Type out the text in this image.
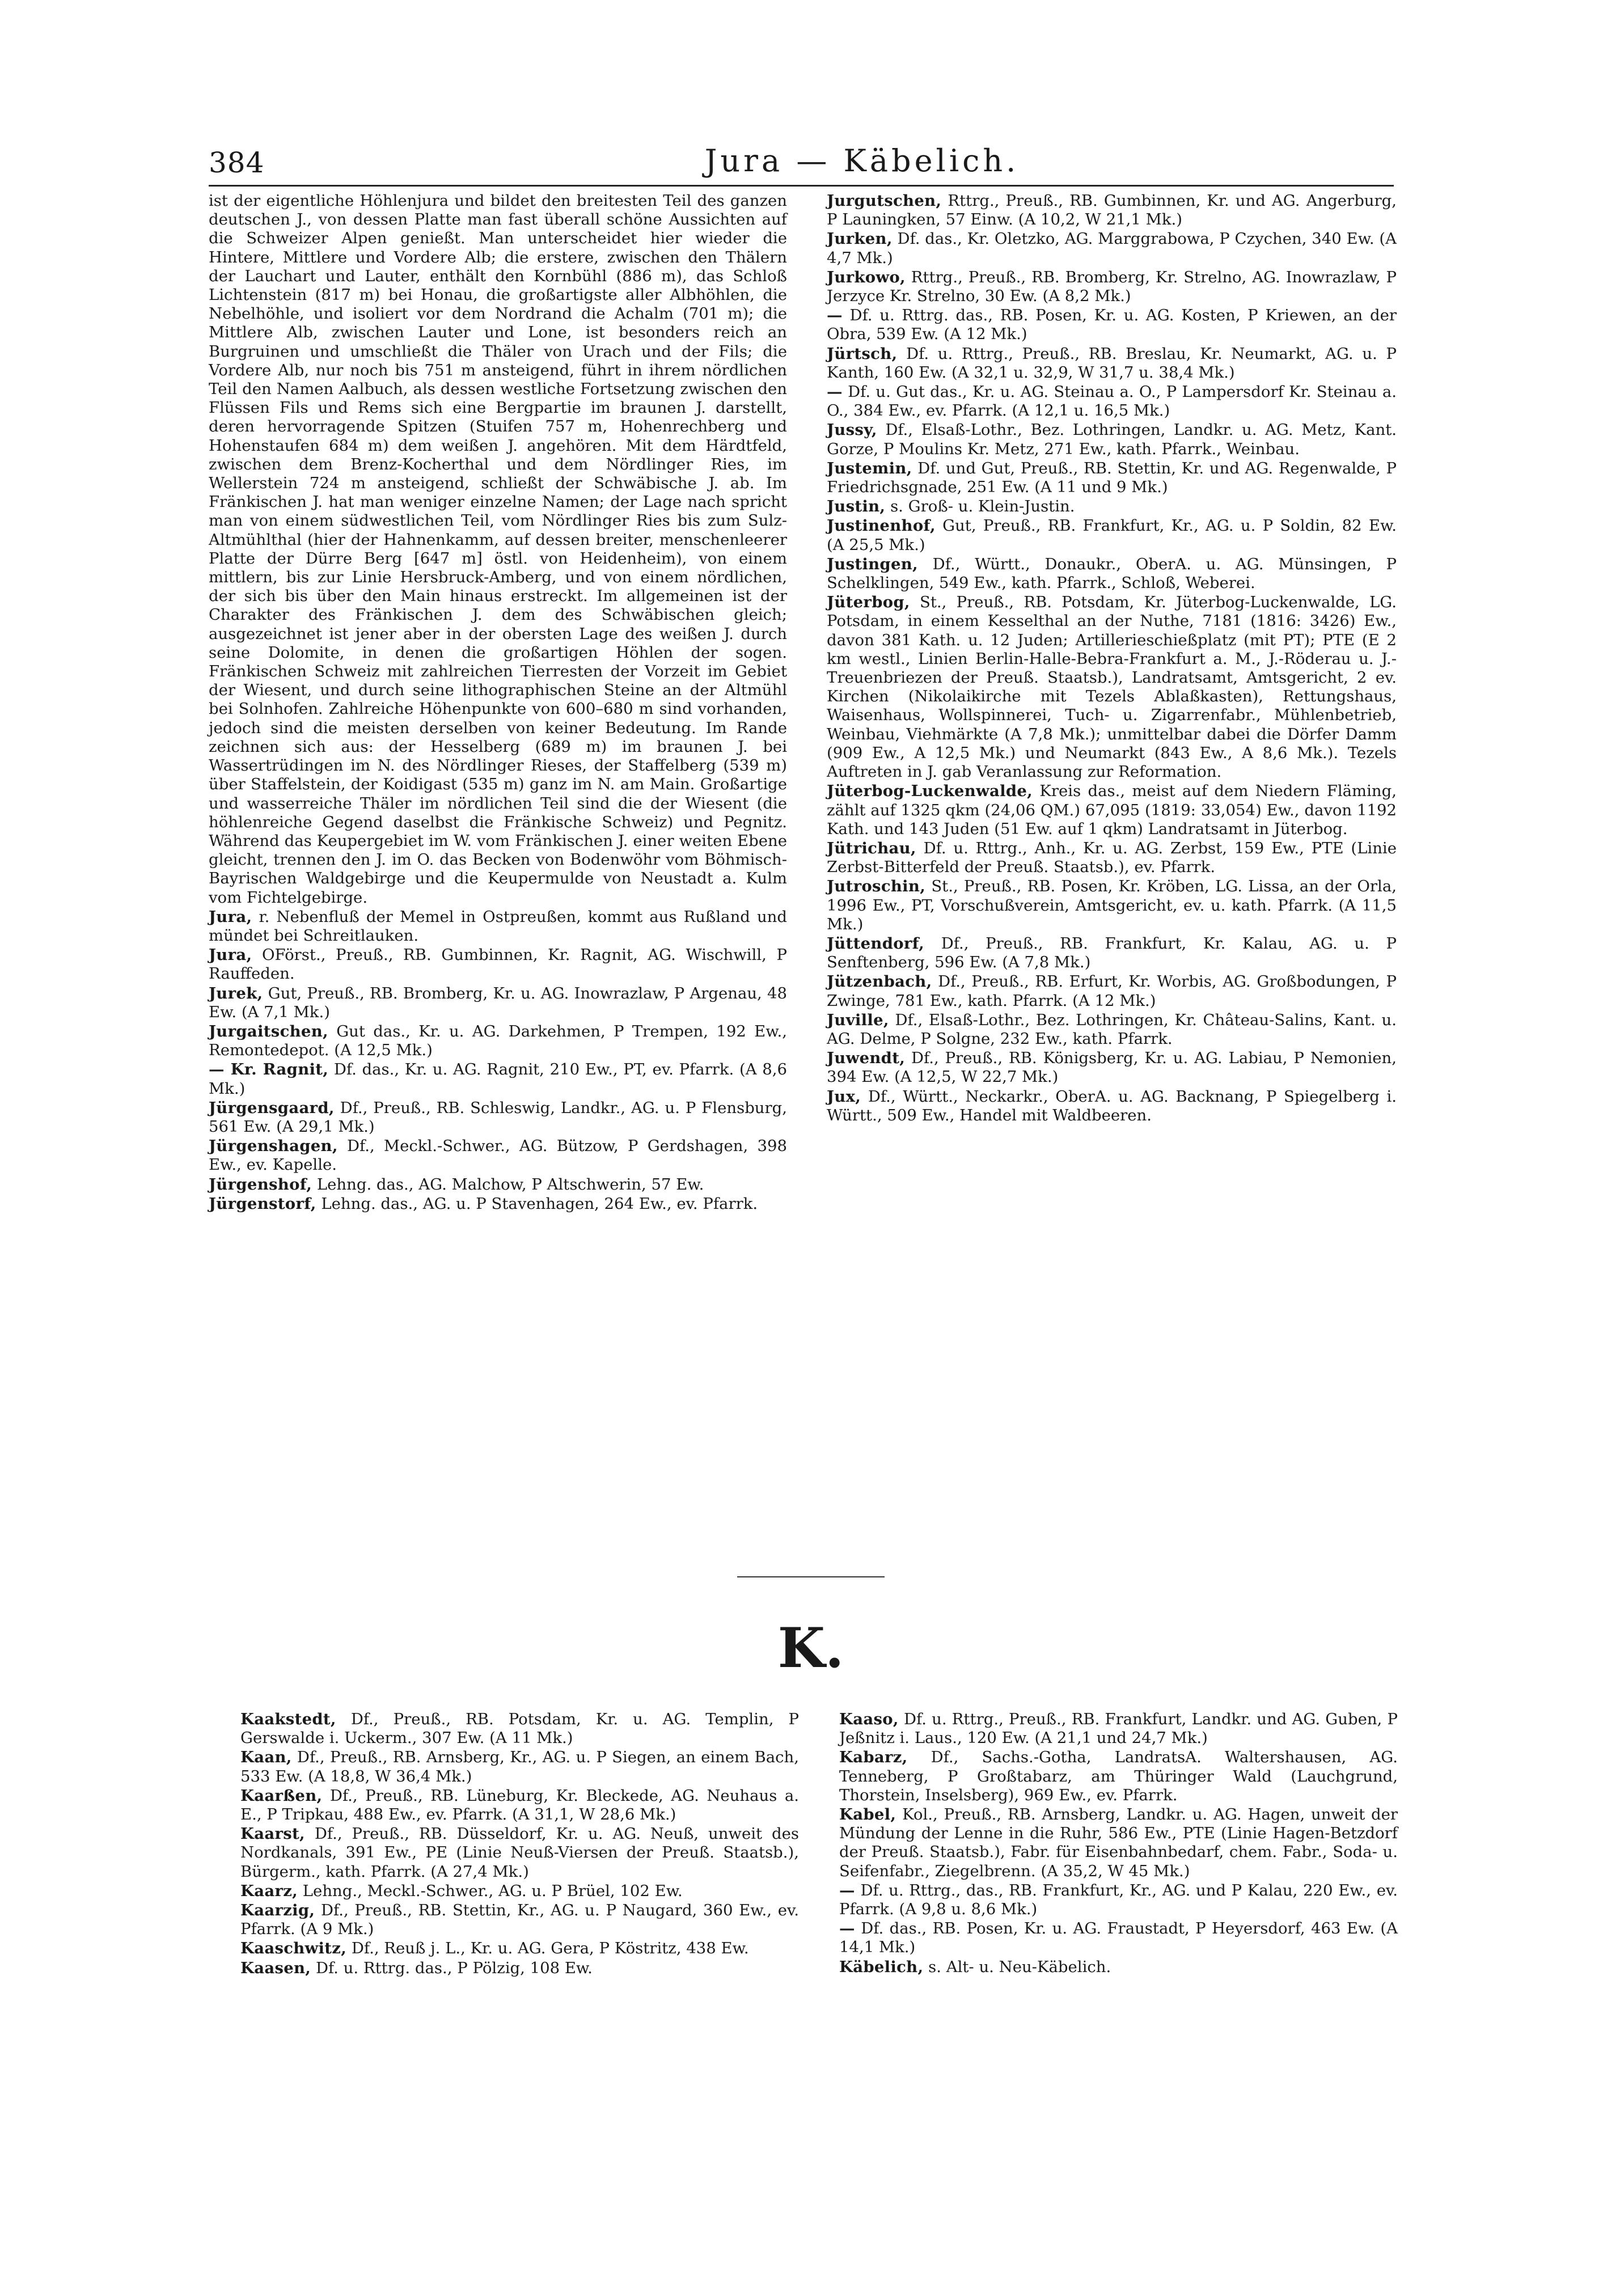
384	Jura — Käbelich.

ist der eigentliche Höhlenjura und bildet den breitesten Teil des ganzen deutschen J., von dessen Platte man fast überall schöne Aussichten auf die Schweizer Alpen genießt. Man unterscheidet hier wieder die Hintere, Mittlere und Vordere Alb; die erstere, zwischen den Thälern der Lauchart und Lauter, enthält den Kornbühl (886 m), das Schloß Lichtenstein (817 m) bei Honau, die großartigste aller Albhöhlen, die Nebelhöhle, und isoliert vor dem Nordrand die Achalm (701 m); die Mittlere Alb, zwischen Lauter und Lone, ist besonders reich an Burgruinen und umschließt die Thäler von Urach und der Fils; die Vordere Alb, nur noch bis 751 m ansteigend, führt in ihrem nördlichen Teil den Namen Aalbuch, als dessen westliche Fortsetzung zwischen den Flüssen Fils und Rems sich eine Bergpartie im braunen J. darstellt, deren hervorragende Spitzen (Stuifen 757 m, Hohenrechberg und Hohenstaufen 684 m) dem weißen J. angehören. Mit dem Härdtfeld, zwischen dem Brenz-Kocherthal und dem Nördlinger Ries, im Wellerstein 724 m ansteigend, schließt der Schwäbische J. ab. Im Fränkischen J. hat man weniger einzelne Namen; der Lage nach spricht man von einem südwestlichen Teil, vom Nördlinger Ries bis zum Sulz-Altmühlthal (hier der Hahnenkamm, auf dessen breiter, menschenleerer Platte der Dürre Berg [647 m] östl. von Heidenheim), von einem mittlern, bis zur Linie Hersbruck-Amberg, und von einem nördlichen, der sich bis über den Main hinaus erstreckt. Im allgemeinen ist der Charakter des Fränkischen J. dem des Schwäbischen gleich; ausgezeichnet ist jener aber in der obersten Lage des weißen J. durch seine Dolomite, in denen die großartigen Höhlen der sogen. Fränkischen Schweiz mit zahlreichen Tierresten der Vorzeit im Gebiet der Wiesent, und durch seine lithographischen Steine an der Altmühl bei Solnhofen. Zahlreiche Höhenpunkte von 600–680 m sind vorhanden, jedoch sind die meisten derselben von keiner Bedeutung. Im Rande zeichnen sich aus: der Hesselberg (689 m) im braunen J. bei Wassertrüdingen im N. des Nördlinger Rieses, der Staffelberg (539 m) über Staffelstein, der Koidigast (535 m) ganz im N. am Main. Großartige und wasserreiche Thäler im nördlichen Teil sind die der Wiesent (die höhlenreiche Gegend daselbst die Fränkische Schweiz) und Pegnitz. Während das Keupergebiet im W. vom Fränkischen J. einer weiten Ebene gleicht, trennen den J. im O. das Becken von Bodenwöhr vom Böhmisch-Bayrischen Waldgebirge und die Keupermulde von Neustadt a. Kulm vom Fichtelgebirge.

Jura, r. Nebenfluß der Memel in Ostpreußen, kommt aus Rußland und mündet bei Schreitlauken.

Jura, OFörst., Preuß., RB. Gumbinnen, Kr. Ragnit, AG. Wischwill, P Rauffeden.

Jurek, Gut, Preuß., RB. Bromberg, Kr. u. AG. Inowrazlaw, P Argenau, 48 Ew. (A 7,1 Mk.)

Jurgaitschen, Gut das., Kr. u. AG. Darkehmen, P Trempen, 192 Ew., Remontedepot. (A 12,5 Mk.)

— Kr. Ragnit, Df. das., Kr. u. AG. Ragnit, 210 Ew., PT, ev. Pfarrk. (A 8,6 Mk.)

Jürgensgaard, Df., Preuß., RB. Schleswig, Landkr., AG. u. P Flensburg, 561 Ew. (A 29,1 Mk.)

Jürgenshagen, Df., Meckl.-Schwer., AG. Bützow, P Gerdshagen, 398 Ew., ev. Kapelle.

Jürgenshof, Lehng. das., AG. Malchow, P Altschwerin, 57 Ew.

Jürgenstorf, Lehng. das., AG. u. P Stavenhagen, 264 Ew., ev. Pfarrk.

Jurgutschen, Rttrg., Preuß., RB. Gumbinnen, Kr. und AG. Angerburg, P Launingken, 57 Einw. (A 10,2, W 21,1 Mk.)

Jurken, Df. das., Kr. Oletzko, AG. Marggrabowa, P Czychen, 340 Ew. (A 4,7 Mk.)

Jurkowo, Rttrg., Preuß., RB. Bromberg, Kr. Strelno, AG. Inowrazlaw, P Jerzyce Kr. Strelno, 30 Ew. (A 8,2 Mk.)

— Df. u. Rttrg. das., RB. Posen, Kr. u. AG. Kosten, P Kriewen, an der Obra, 539 Ew. (A 12 Mk.)

Jürtsch, Df. u. Rttrg., Preuß., RB. Breslau, Kr. Neumarkt, AG. u. P Kanth, 160 Ew. (A 32,1 u. 32,9, W 31,7 u. 38,4 Mk.)

— Df. u. Gut das., Kr. u. AG. Steinau a. O., P Lampersdorf Kr. Steinau a. O., 384 Ew., ev. Pfarrk. (A 12,1 u. 16,5 Mk.)

Jussy, Df., Elsaß-Lothr., Bez. Lothringen, Landkr. u. AG. Metz, Kant. Gorze, P Moulins Kr. Metz, 271 Ew., kath. Pfarrk., Weinbau.

Justemin, Df. und Gut, Preuß., RB. Stettin, Kr. und AG. Regenwalde, P Friedrichsgnade, 251 Ew. (A 11 und 9 Mk.)

Justin, s. Groß- u. Klein-Justin.

Justinenhof, Gut, Preuß., RB. Frankfurt, Kr., AG. u. P Soldin, 82 Ew. (A 25,5 Mk.)

Justingen, Df., Württ., Donaukr., OberA. u. AG. Münsingen, P Schelklingen, 549 Ew., kath. Pfarrk., Schloß, Weberei.

Jüterbog, St., Preuß., RB. Potsdam, Kr. Jüterbog-Luckenwalde, LG. Potsdam, in einem Kesselthal an der Nuthe, 7181 (1816: 3426) Ew., davon 381 Kath. u. 12 Juden; Artillerieschießplatz (mit PT); PTE (E 2 km westl., Linien Berlin-Halle-Bebra-Frankfurt a. M., J.-Röderau u. J.-Treuenbriezen der Preuß. Staatsb.), Landratsamt, Amtsgericht, 2 ev. Kirchen (Nikolaikirche mit Tezels Ablaßkasten), Rettungshaus, Waisenhaus, Wollspinnerei, Tuch- u. Zigarrenfabr., Mühlenbetrieb, Weinbau, Viehmärkte (A 7,8 Mk.); unmittelbar dabei die Dörfer Damm (909 Ew., A 12,5 Mk.) und Neumarkt (843 Ew., A 8,6 Mk.). Tezels Auftreten in J. gab Veranlassung zur Reformation.

Jüterbog-Luckenwalde, Kreis das., meist auf dem Niedern Fläming, zählt auf 1325 qkm (24,06 QM.) 67,095 (1819: 33,054) Ew., davon 1192 Kath. und 143 Juden (51 Ew. auf 1 qkm) Landratsamt in Jüterbog.

Jütrichau, Df. u. Rttrg., Anh., Kr. u. AG. Zerbst, 159 Ew., PTE (Linie Zerbst-Bitterfeld der Preuß. Staatsb.), ev. Pfarrk.

Jutroschin, St., Preuß., RB. Posen, Kr. Kröben, LG. Lissa, an der Orla, 1996 Ew., PT, Vorschußverein, Amtsgericht, ev. u. kath. Pfarrk. (A 11,5 Mk.)

Jüttendorf, Df., Preuß., RB. Frankfurt, Kr. Kalau, AG. u. P Senftenberg, 596 Ew. (A 7,8 Mk.)

Jützenbach, Df., Preuß., RB. Erfurt, Kr. Worbis, AG. Großbodungen, P Zwinge, 781 Ew., kath. Pfarrk. (A 12 Mk.)

Juville, Df., Elsaß-Lothr., Bez. Lothringen, Kr. Château-Salins, Kant. u. AG. Delme, P Solgne, 232 Ew., kath. Pfarrk.

Juwendt, Df., Preuß., RB. Königsberg, Kr. u. AG. Labiau, P Nemonien, 394 Ew. (A 12,5, W 22,7 Mk.)

Jux, Df., Württ., Neckarkr., OberA. u. AG. Backnang, P Spiegelberg i. Württ., 509 Ew., Handel mit Waldbeeren.

K.

Kaakstedt, Df., Preuß., RB. Potsdam, Kr. u. AG. Templin, P Gerswalde i. Uckerm., 307 Ew. (A 11 Mk.)

Kaan, Df., Preuß., RB. Arnsberg, Kr., AG. u. P Siegen, an einem Bach, 533 Ew. (A 18,8, W 36,4 Mk.)

Kaarßen, Df., Preuß., RB. Lüneburg, Kr. Bleckede, AG. Neuhaus a. E., P Tripkau, 488 Ew., ev. Pfarrk. (A 31,1, W 28,6 Mk.)

Kaarst, Df., Preuß., RB. Düsseldorf, Kr. u. AG. Neuß, unweit des Nordkanals, 391 Ew., PE (Linie Neuß-Viersen der Preuß. Staatsb.), Bürgerm., kath. Pfarrk. (A 27,4 Mk.)

Kaarz, Lehng., Meckl.-Schwer., AG. u. P Brüel, 102 Ew.

Kaarzig, Df., Preuß., RB. Stettin, Kr., AG. u. P Naugard, 360 Ew., ev. Pfarrk. (A 9 Mk.)

Kaaschwitz, Df., Reuß j. L., Kr. u. AG. Gera, P Köstritz, 438 Ew.

Kaasen, Df. u. Rttrg. das., P Pölzig, 108 Ew.

Kaaso, Df. u. Rttrg., Preuß., RB. Frankfurt, Landkr. und AG. Guben, P Jeßnitz i. Laus., 120 Ew. (A 21,1 und 24,7 Mk.)

Kabarz, Df., Sachs.-Gotha, LandratsA. Waltershausen, AG. Tenneberg, P Großtabarz, am Thüringer Wald (Lauchgrund, Thorstein, Inselsberg), 969 Ew., ev. Pfarrk.

Kabel, Kol., Preuß., RB. Arnsberg, Landkr. u. AG. Hagen, unweit der Mündung der Lenne in die Ruhr, 586 Ew., PTE (Linie Hagen-Betzdorf der Preuß. Staatsb.), Fabr. für Eisenbahnbedarf, chem. Fabr., Soda- u. Seifenfabr., Ziegelbrenn. (A 35,2, W 45 Mk.)

— Df. u. Rttrg., das., RB. Frankfurt, Kr., AG. und P Kalau, 220 Ew., ev. Pfarrk. (A 9,8 u. 8,6 Mk.)

— Df. das., RB. Posen, Kr. u. AG. Fraustadt, P Heyersdorf, 463 Ew. (A 14,1 Mk.)

Käbelich, s. Alt- u. Neu-Käbelich.
